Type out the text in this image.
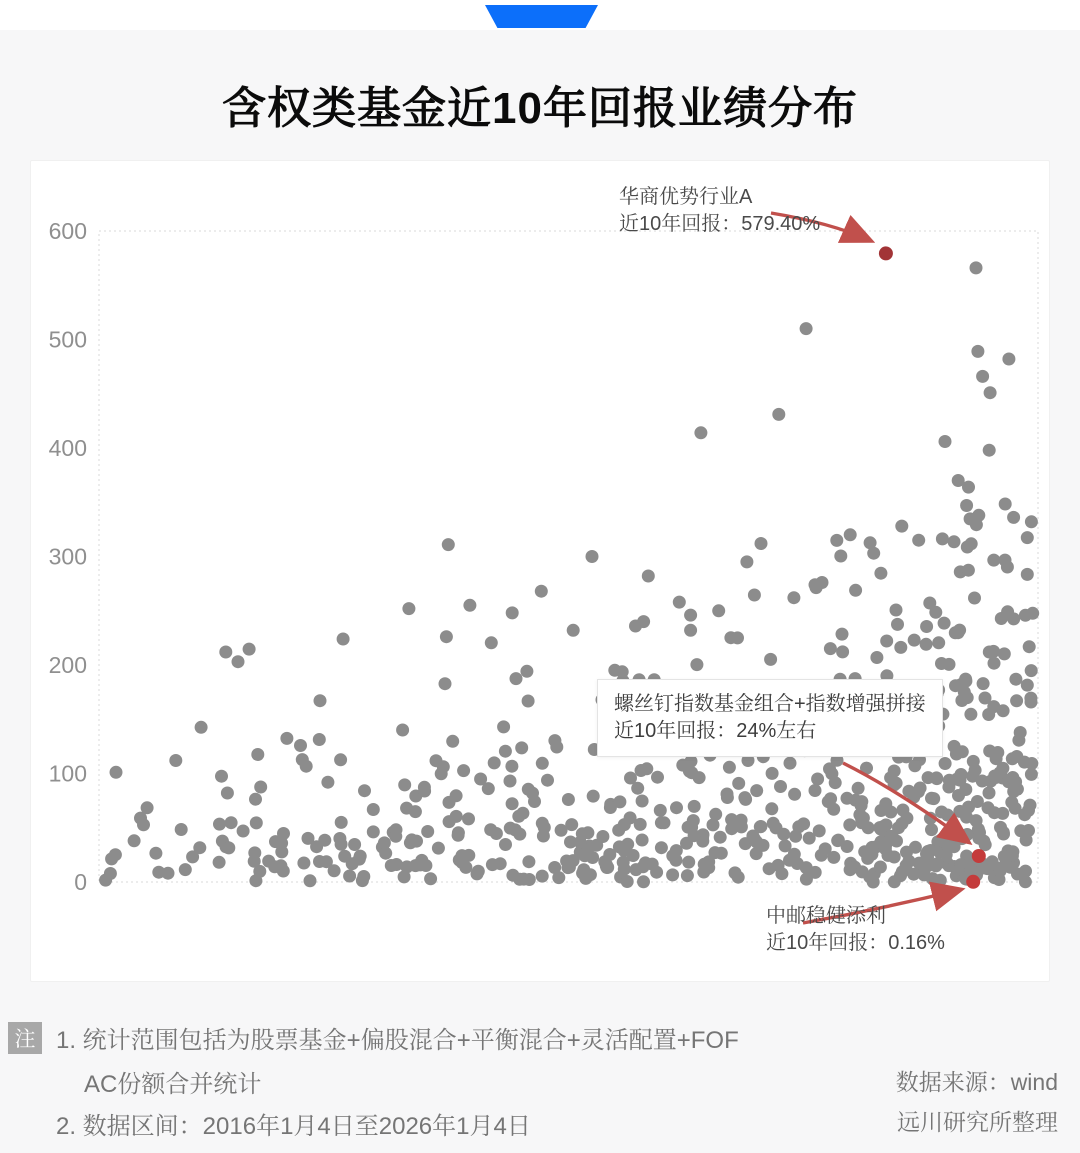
含权类基金近10年回报业绩分布
0
100
200
300
400
500
600
华商优势行业A
近10年回报：579.40%
螺丝钉指数基金组合+指数增强拼接
近10年回报：24%左右
中邮稳健添利
近10年回报：0.16%
注 1. 统计范围包括为股票基金+偏股混合+平衡混合+灵活配置+FOF
AC份额合并统计
2. 数据区间：2016年1月4日至2026年1月4日
数据来源：wind
远川研究所整理
